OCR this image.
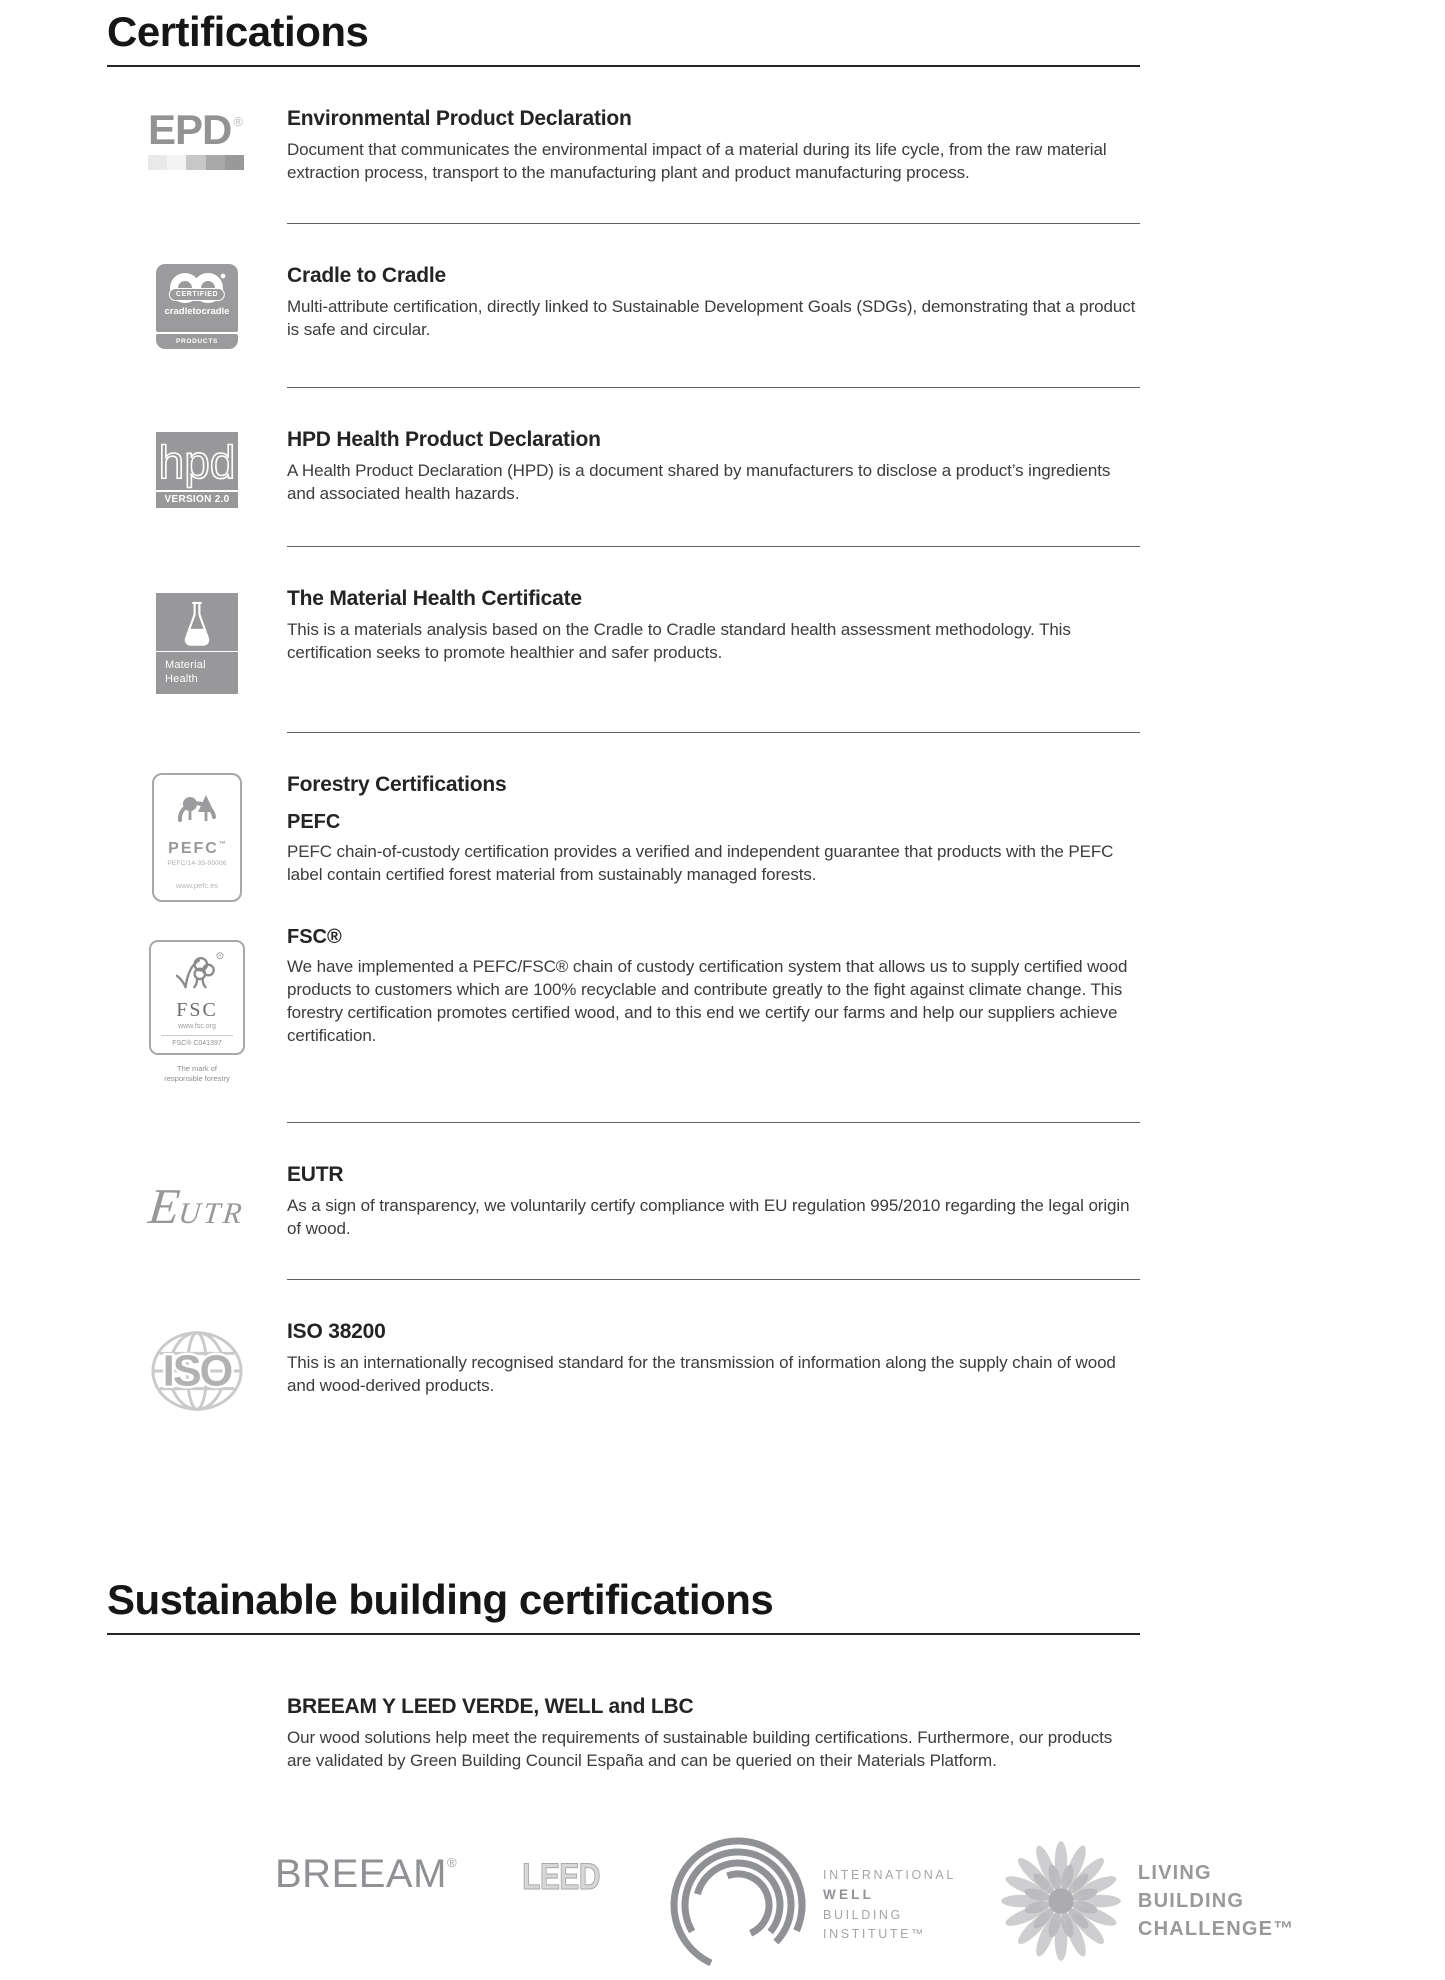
Certifications
EPD ® Environmental Product Declaration

Document that communicates the environmental impact of a material during its life cycle, from the raw material extraction process, transport to the manufacturing plant and product manufacturing process.

CERTIFIED
cradletocradle
PRODUCTS PROGRAM
Cradle to Cradle

Multi-attribute certification, directly linked to Sustainable Development Goals (SDGs), demonstrating that a product is safe and circular.

hpd
VERSION 2.0
HPD Health Product Declaration

A Health Product Declaration (HPD) is a document shared by manufacturers to disclose a product’s ingredients and associated health hazards.

Material
Health
The Material Health Certificate

This is a materials analysis based on the Cradle to Cradle standard health assessment methodology. This certification seeks to promote healthier and safer products.

PEFC™
PEFC/14-35-00006
www.pefc.es
Forestry Certifications
PEFC

PEFC chain-of-custody certification provides a verified and independent guarantee that products with the PEFC label contain certified forest material from sustainably managed forests.

R
FSC
www.fsc.org
FSC® C041397
The mark of
responsible forestry
FSC®

We have implemented a PEFC/FSC® chain of custody certification system that allows us to supply certified wood products to customers which are 100% recyclable and contribute greatly to the fight against climate change. This forestry certification promotes certified wood, and to this end we certify our farms and help our suppliers achieve certification.

EUTR
EUTR

As a sign of transparency, we voluntarily certify compliance with EU regulation 995/2010 regarding the legal origin of wood.

ISO
ISO 38200

This is an internationally recognised standard for the transmission of information along the supply chain of wood and wood-derived products.

Sustainable building certifications
BREEAM Y LEED VERDE, WELL and LBC

Our wood solutions help meet the requirements of sustainable building certifications. Furthermore, our products are validated by Green Building Council España and can be queried on their Materials Platform.

BREEAM® LEED	INTERNATIONAL
WELL
BUILDING
INSTITUTE™
LIVING
BUILDING
CHALLENGE™
